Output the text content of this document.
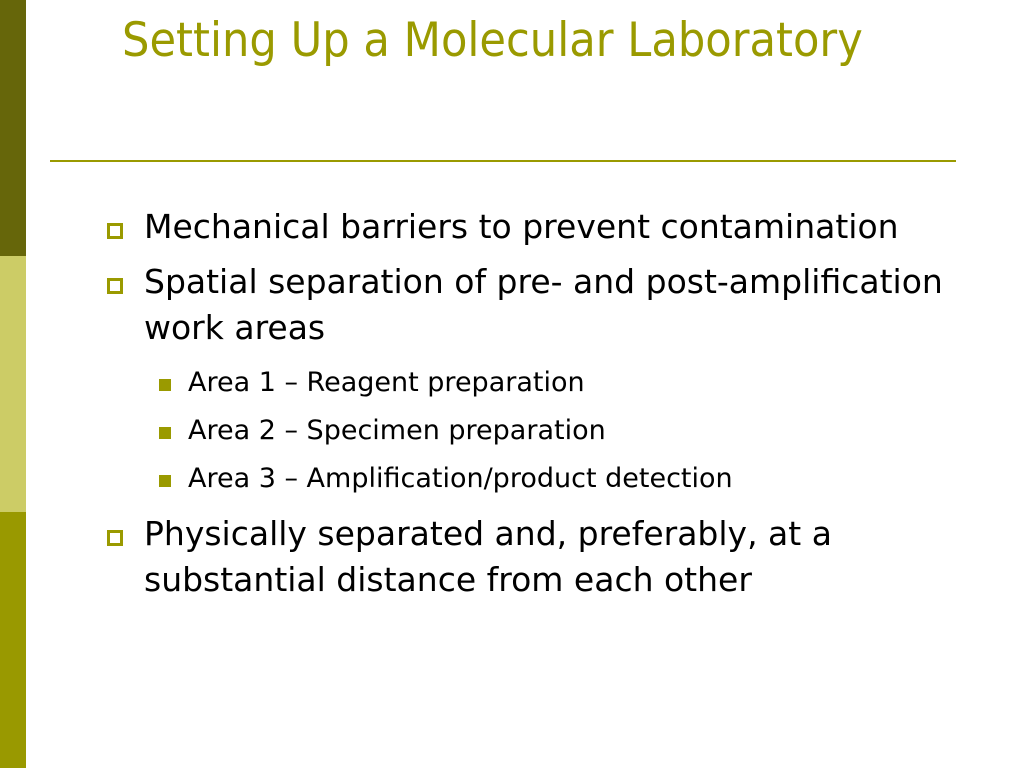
Setting Up a Molecular Laboratory
Mechanical barriers to prevent contamination
Spatial separation of pre- and post-amplification work areas
Area 1 – Reagent preparation
Area 2 – Specimen preparation
Area 3 – Amplification/product detection
Physically separated and, preferably, at a substantial distance from each other
